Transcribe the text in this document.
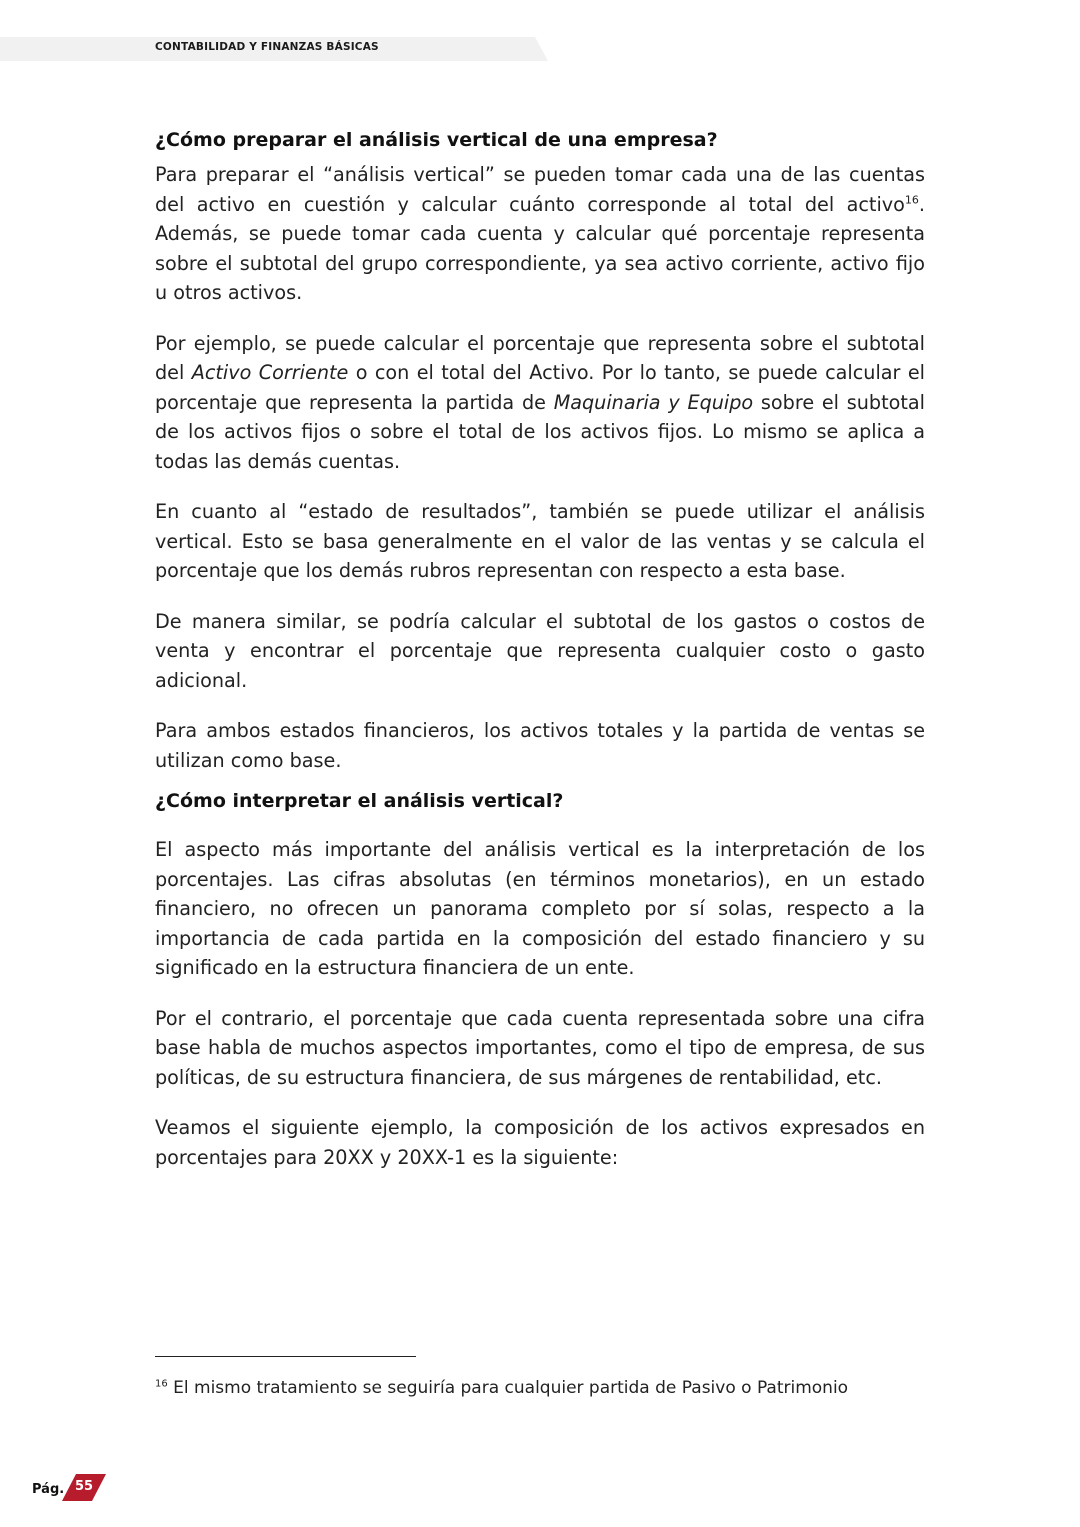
CONTABILIDAD Y FINANZAS BÁSICAS
¿Cómo preparar el análisis vertical de una empresa?

Para preparar el “análisis vertical” se pueden tomar cada una de las cuentas del activo en cuestión y calcular cuánto corresponde al total del activo$^{16}$. Además, se puede tomar cada cuenta y calcular qué porcentaje representa sobre el subtotal del grupo correspondiente, ya sea activo corriente, activo fijo u otros activos.

Por ejemplo, se puede calcular el porcentaje que representa sobre el subtotal del Activo Corriente o con el total del Activo. Por lo tanto, se puede calcular el porcentaje que representa la partida de Maquinaria y Equipo sobre el subtotal de los activos fijos o sobre el total de los activos fijos. Lo mismo se aplica a todas las demás cuentas.

En cuanto al “estado de resultados”, también se puede utilizar el análisis vertical. Esto se basa generalmente en el valor de las ventas y se calcula el porcentaje que los demás rubros representan con respecto a esta base.

De manera similar, se podría calcular el subtotal de los gastos o costos de venta y encontrar el porcentaje que representa cualquier costo o gasto adicional.

Para ambos estados financieros, los activos totales y la partida de ventas se utilizan como base.

¿Cómo interpretar el análisis vertical?

El aspecto más importante del análisis vertical es la interpretación de los porcentajes. Las cifras absolutas (en términos monetarios), en un estado financiero, no ofrecen un panorama completo por sí solas, respecto a la importancia de cada partida en la composición del estado financiero y su significado en la estructura financiera de un ente.

Por el contrario, el porcentaje que cada cuenta representada sobre una cifra base habla de muchos aspectos importantes, como el tipo de empresa, de sus políticas, de su estructura financiera, de sus márgenes de rentabilidad, etc.

Veamos el siguiente ejemplo, la composición de los activos expresados en porcentajes para 20XX y 20XX-1 es la siguiente:

$^{16}$ El mismo tratamiento se seguiría para cualquier partida de Pasivo o Patrimonio
Pág. 55
